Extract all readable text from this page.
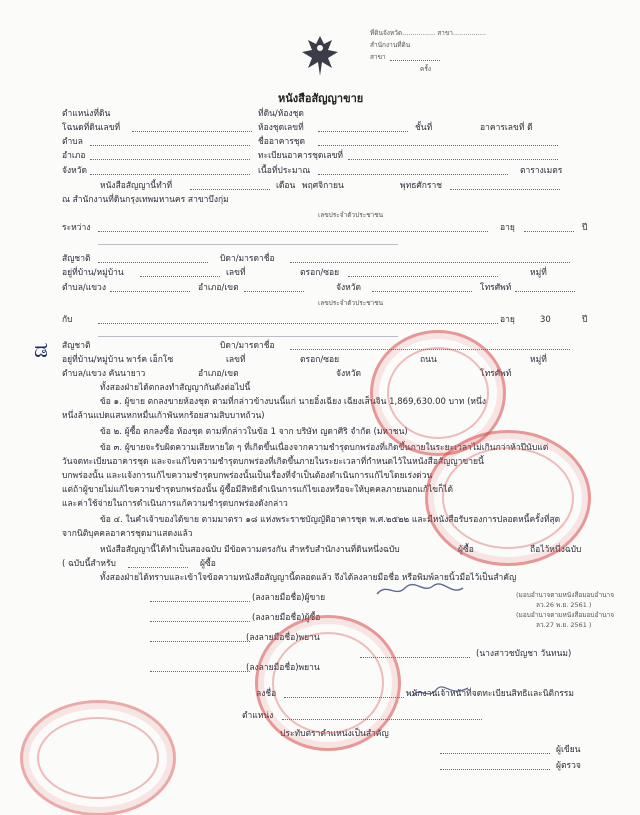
ที่ดินจังหวัด................ สาขา................
สำนักงานที่ดิน
สาขา
ครั้ง
หนังสือสัญญาขาย
ตำแหน่งที่ดิน	ที่ดิน/ห้องชุด
โฉนดที่ดินเลขที่	ห้องชุดเลขที่	ชั้นที่	อาคารเลขที่ ดี
ตำบล	ชื่ออาคารชุด
อำเภอ	ทะเบียนอาคารชุดเลขที่
จังหวัด	เนื้อที่ประมาณ	ตารางเมตร
หนังสือสัญญานี้ทำที่	เดือน พฤศจิกายน	พุทธศักราช
ณ สำนักงานที่ดินกรุงเทพมหานคร สาขาบึงกุ่ม
เลขประจำตัวประชาชน
ระหว่าง	อายุ	ปี
สัญชาติ	บิดา/มารดาชื่อ
อยู่ที่บ้าน/หมู่บ้าน	เลขที่	ตรอก/ซอย	หมู่ที่
ตำบล/แขวง	อำเภอ/เขต	จังหวัด	โทรศัพท์
เลขประจำตัวประชาชน
กับ	อายุ	30	ปี
สัญชาติ	บิดา/มารดาชื่อ
ಡ อยู่ที่บ้าน/หมู่บ้าน พาร์ค เอ็กโซ	เลขที่	ตรอก/ซอย	ถนน	หมู่ที่
ตำบล/แขวง คันนายาว	อำเภอ/เขต	จังหวัด	โทรศัพท์
ทั้งสองฝ่ายได้ตกลงทำสัญญากันดังต่อไปนี้
ข้อ ๑. ผู้ขาย ตกลงขายห้องชุด ตามที่กล่าวข้างบนนี้แก่ นายอิ๋งเฉียง เฉียงเส็นจิน 1,869,630.00 บาท (หนึ่ง
หนึ่งล้านแปดแสนหกหมื่นเก้าพันหกร้อยสามสิบบาทถ้วน)
ข้อ ๒. ผู้ซื้อ ตกลงซื้อ ห้องชุด ตามที่กล่าวในข้อ 1 จาก บริษัท ญดาศิริ จำกัด (มหาชน)
ข้อ ๓. ผู้ขายจะรับผิดความเสียหายใด ๆ ที่เกิดขึ้นเนื่องจากความชำรุดบกพร่องที่เกิดขึ้นภายในระยะเวลาไม่เกินกว่าห้าปีนับแต่
วันจดทะเบียนอาคารชุด และจะแก้ไขความชำรุดบกพร่องที่เกิดขึ้นภายในระยะเวลาที่กำหนดไว้ในหนังสือสัญญาขายนี้
บกพร่องนั้น และแจ้งการแก้ไขความชำรุดบกพร่องนั้นเป็นเรื่องที่จำเป็นต้องดำเนินการแก้ไขโดยเร่งด่วน
แต่ถ้าผู้ขายไม่แก้ไขความชำรุดบกพร่องนั้น ผู้ซื้อมีสิทธิดำเนินการแก้ไขเองหรือจะให้บุคคลภายนอกแก้ไขก็ได้
และค่าใช้จ่ายในการดำเนินการแก้ความชำรุดบกพร่องดังกล่าว
ข้อ ๔. ในคำเจ้าของได้ขาย ตามมาตรา ๑๘ แห่งพระราชบัญญัติอาคารชุด พ.ศ.๒๕๒๒ และมีหนังสือรับรองการปลอดหนี้ครั้งที่สุด
จากนิติบุคคลอาคารชุดมาแสดงแล้ว
หนังสือสัญญานี้ได้ทำเป็นสองฉบับ มีข้อความตรงกัน สำหรับสำนักงานที่ดินหนึ่งฉบับ	ผู้ซื้อ	ถือไว้หนึ่งฉบับ
( ฉบับนี้สำหรับ	ผู้ซื้อ
ทั้งสองฝ่ายได้ทราบและเข้าใจข้อความหนังสือสัญญานี้ตลอดแล้ว จึงได้ลงลายมือชื่อ หรือพิมพ์ลายนิ้วมือไว้เป็นสำคัญ
(ลงลายมือชื่อ)ผู้ขาย	(มอบอำนาจตามหนังสือมอบอำนาจ
ลว.26 พ.ย. 2561 )
(ลงลายมือชื่อ)ผู้ซื้อ	(มอบอำนาจตามหนังสือมอบอำนาจ
ลว.27 พ.ย. 2561 )
(ลงลายมือชื่อ)พยาน
(นางสาวชบัญชา วันทนม)
(ลงลายมือชื่อ)พยาน
ลงชื่อ	พนักงานเจ้าหน้าที่จดทะเบียนสิทธิและนิติกรรม
ตำแหน่ง
ประทับตราตำแหน่งเป็นสำคัญ
ผู้เขียน
ผู้ตรวจ
